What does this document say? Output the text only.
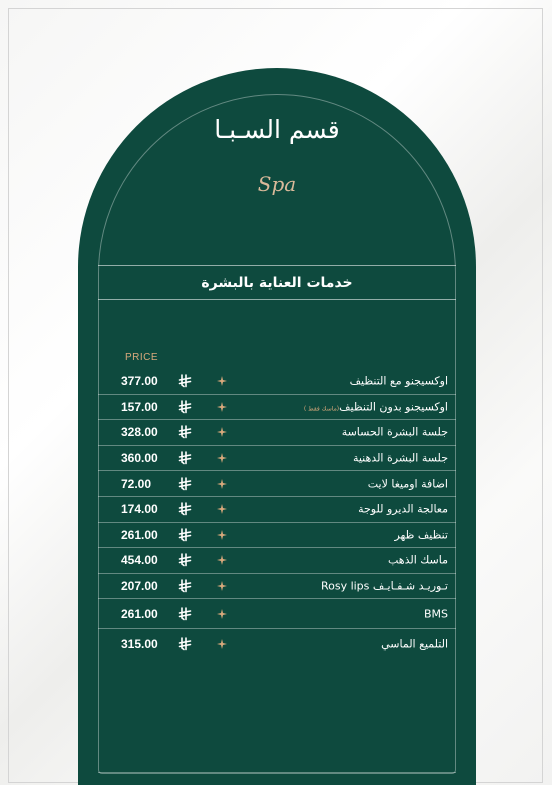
قسم السـبـا
Spa
خدمات العناية بالبشرة
PRICE
377.00	اوكسيجنو مع التنظيف
157.00	اوكسيجنو بدون التنظيف(ماسك فقط )
328.00	جلسة البشرة الحساسة
360.00	جلسة البشرة الدهنية
72.00	اضافة اوميغا لايت
174.00	معالجة الديرو للوجة
261.00	تنظيف ظهر
454.00	ماسك الذهب
207.00	تـوريـد شـفـايـف Rosy lips
261.00	BMS
315.00	التلميع الماسي
